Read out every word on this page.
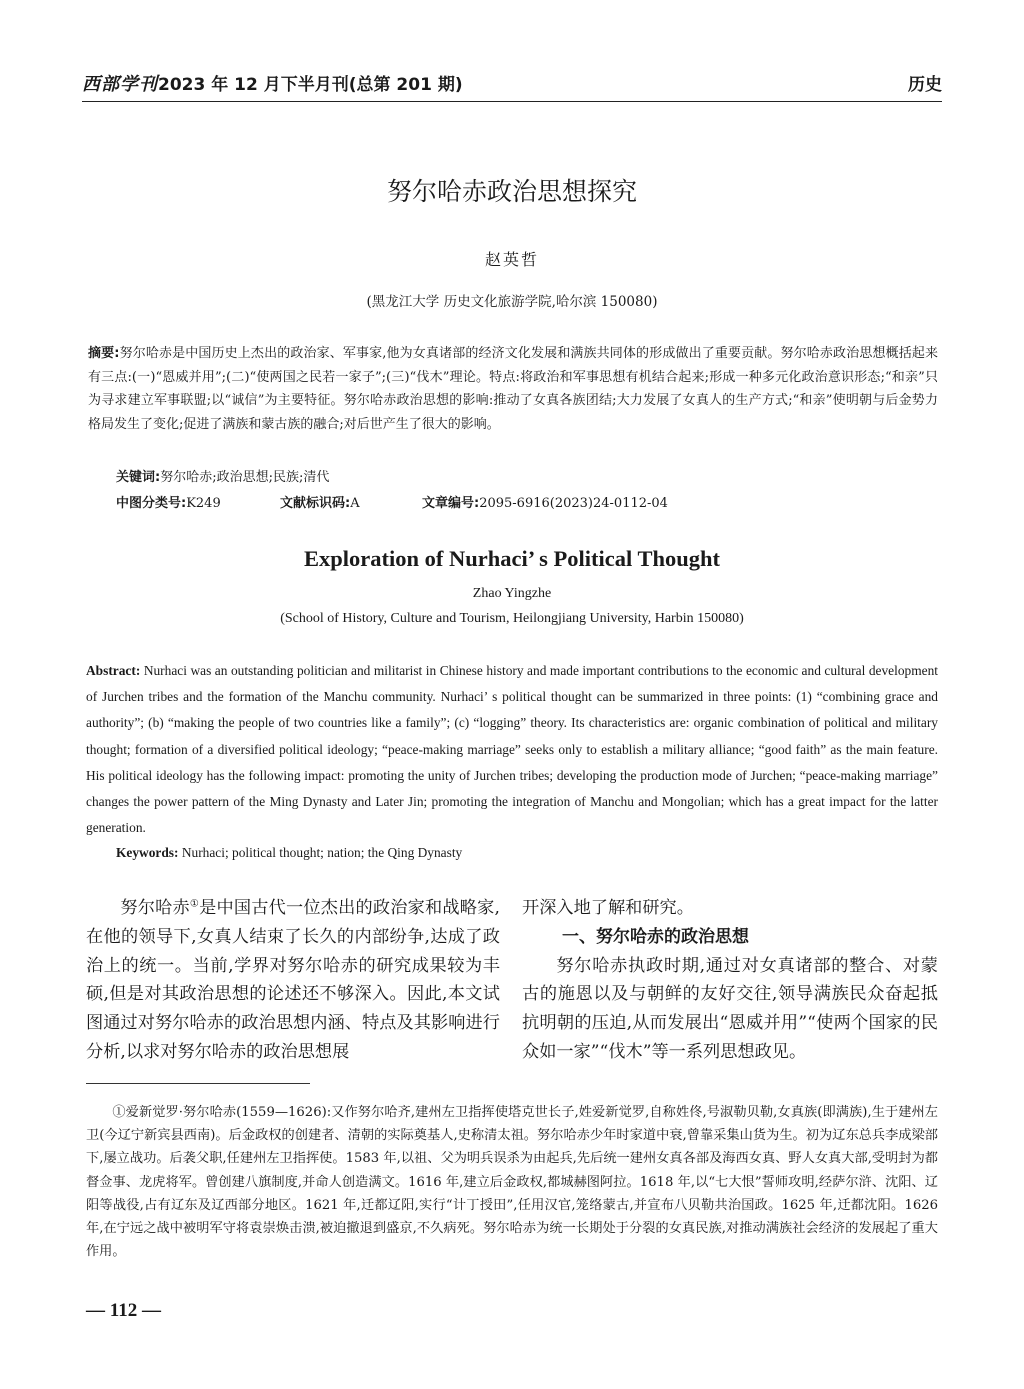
西部学刊 2023 年 12 月下半月刊(总第 201 期)	历史
努尔哈赤政治思想探究
赵英哲
(黑龙江大学 历史文化旅游学院,哈尔滨 150080)
摘要:努尔哈赤是中国历史上杰出的政治家、军事家,他为女真诸部的经济文化发展和满族共同体的形成做出了重要贡献。努尔哈赤政治思想概括起来有三点:(一)“恩威并用”;(二)“使两国之民若一家子”;(三)“伐木”理论。特点:将政治和军事思想有机结合起来;形成一种多元化政治意识形态;“和亲”只为寻求建立军事联盟;以“诚信”为主要特征。努尔哈赤政治思想的影响:推动了女真各族团结;大力发展了女真人的生产方式;“和亲”使明朝与后金势力格局发生了变化;促进了满族和蒙古族的融合;对后世产生了很大的影响。
关键词:努尔哈赤;政治思想;民族;清代
中图分类号:K249	文献标识码:A	文章编号:2095-6916(2023)24-0112-04
Exploration of Nurhaci’ s Political Thought
Zhao Yingzhe
(School of History, Culture and Tourism, Heilongjiang University, Harbin 150080)
Abstract: Nurhaci was an outstanding politician and militarist in Chinese history and made important contributions to the economic and cultural development of Jurchen tribes and the formation of the Manchu community. Nurhaci’ s political thought can be summarized in three points: (1) “combining grace and authority”; (b) “making the people of two countries like a family”; (c) “logging” theory. Its characteristics are: organic combination of political and military thought; formation of a diversified political ideology; “peace-making marriage” seeks only to establish a military alliance; “good faith” as the main feature. His political ideology has the following impact: promoting the unity of Jurchen tribes; developing the production mode of Jurchen; “peace-making marriage” changes the power pattern of the Ming Dynasty and Later Jin; promoting the integration of Manchu and Mongolian; which has a great impact for the latter generation.
Keywords: Nurhaci; political thought; nation; the Qing Dynasty

努尔哈赤①是中国古代一位杰出的政治家和战略家,在他的领导下,女真人结束了长久的内部纷争,达成了政治上的统一。当前,学界对努尔哈赤的研究成果较为丰硕,但是对其政治思想的论述还不够深入。因此,本文试图通过对努尔哈赤的政治思想内涵、特点及其影响进行分析,以求对努尔哈赤的政治思想展

开深入地了解和研究。

一、努尔哈赤的政治思想

努尔哈赤执政时期,通过对女真诸部的整合、对蒙古的施恩以及与朝鲜的友好交往,领导满族民众奋起抵抗明朝的压迫,从而发展出“恩威并用”“使两个国家的民众如一家”“伐木”等一系列思想政见。

①爱新觉罗·努尔哈赤(1559—1626):又作努尔哈齐,建州左卫指挥使塔克世长子,姓爱新觉罗,自称姓佟,号淑勒贝勒,女真族(即满族),生于建州左卫(今辽宁新宾县西南)。后金政权的创建者、清朝的实际奠基人,史称清太祖。努尔哈赤少年时家道中衰,曾靠采集山货为生。初为辽东总兵李成梁部下,屡立战功。后袭父职,任建州左卫指挥使。1583 年,以祖、父为明兵误杀为由起兵,先后统一建州女真各部及海西女真、野人女真大部,受明封为都督佥事、龙虎将军。曾创建八旗制度,并命人创造满文。1616 年,建立后金政权,都城赫图阿拉。1618 年,以“七大恨”誓师攻明,经萨尔浒、沈阳、辽阳等战役,占有辽东及辽西部分地区。1621 年,迁都辽阳,实行“计丁授田”,任用汉官,笼络蒙古,并宣布八贝勒共治国政。1625 年,迁都沈阳。1626 年,在宁远之战中被明军守将袁崇焕击溃,被迫撤退到盛京,不久病死。努尔哈赤为统一长期处于分裂的女真民族,对推动满族社会经济的发展起了重大作用。
— 112 —
